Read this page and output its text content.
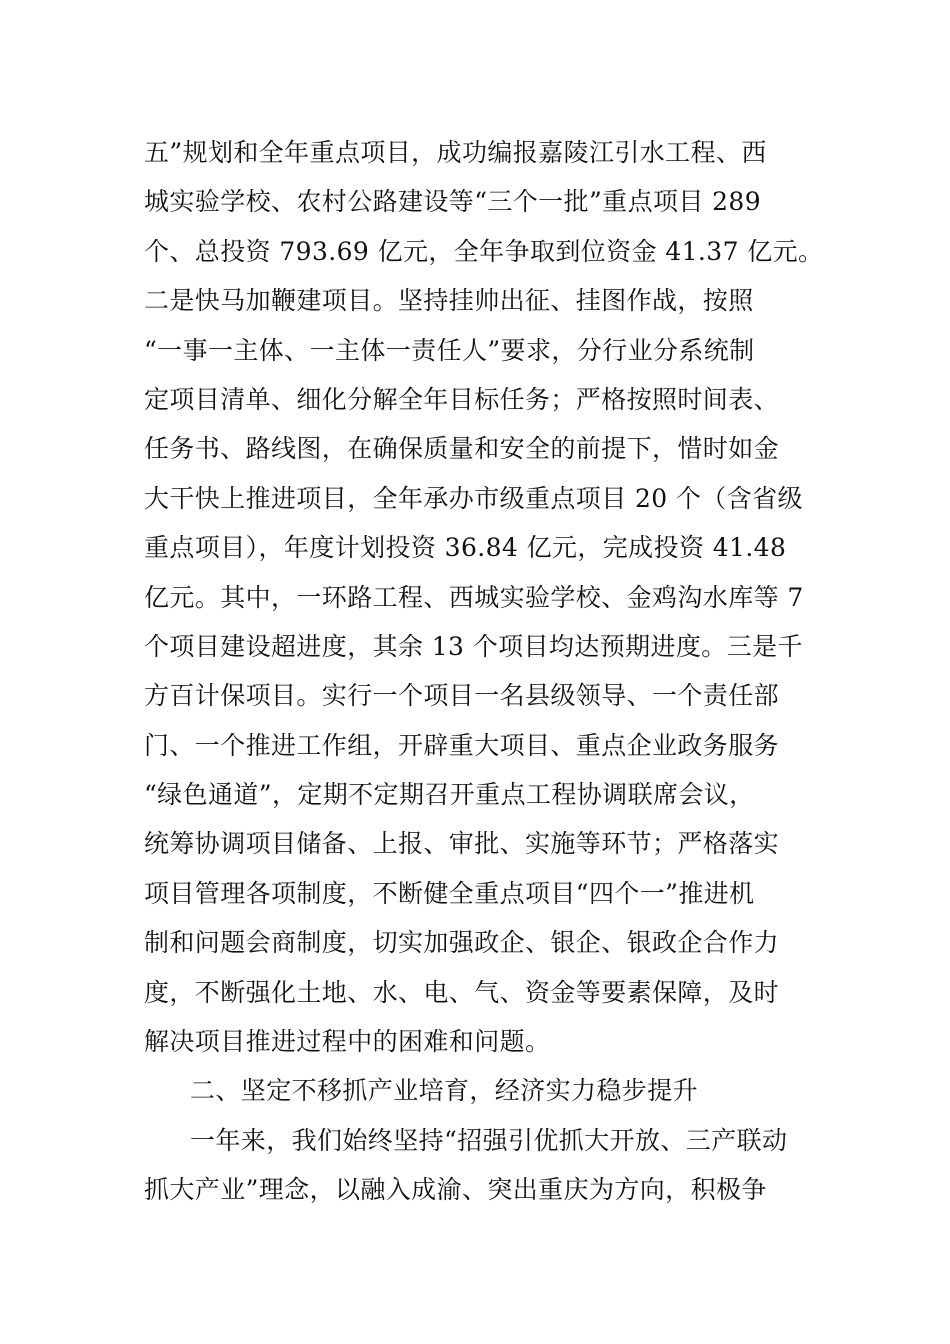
五”规划和全年重点项目，成功编报嘉陵江引水工程、西
城实验学校、农村公路建设等“三个一批”重点项目 289
个、总投资 793.69 亿元，全年争取到位资金 41.37 亿元。
二是快马加鞭建项目。坚持挂帅出征、挂图作战，按照
“一事一主体、一主体一责任人”要求，分行业分系统制
定项目清单、细化分解全年目标任务；严格按照时间表、
任务书、路线图，在确保质量和安全的前提下，惜时如金
大干快上推进项目，全年承办市级重点项目 20 个（含省级
重点项目），年度计划投资 36.84 亿元，完成投资 41.48
亿元。其中，一环路工程、西城实验学校、金鸡沟水库等 7
个项目建设超进度，其余 13 个项目均达预期进度。三是千
方百计保项目。实行一个项目一名县级领导、一个责任部
门、一个推进工作组，开辟重大项目、重点企业政务服务
“绿色通道”，定期不定期召开重点工程协调联席会议，
统筹协调项目储备、上报、审批、实施等环节；严格落实
项目管理各项制度，不断健全重点项目“四个一”推进机
制和问题会商制度，切实加强政企、银企、银政企合作力
度，不断强化土地、水、电、气、资金等要素保障，及时
解决项目推进过程中的困难和问题。
二、坚定不移抓产业培育，经济实力稳步提升
一年来，我们始终坚持“招强引优抓大开放、三产联动
抓大产业”理念，以融入成渝、突出重庆为方向，积极争
